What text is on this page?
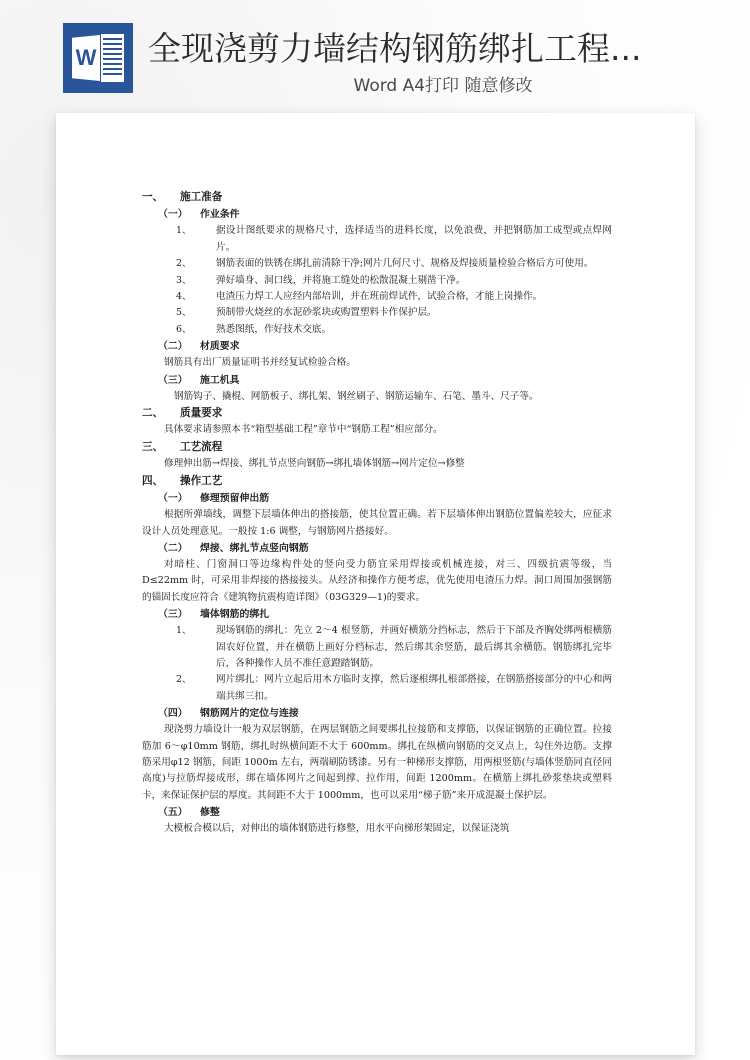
W 全现浇剪力墙结构钢筋绑扎工程...
Word A4打印 随意修改
一、 施工准备
（一） 作业条件
1、	据设计图纸要求的规格尺寸，选择适当的进料长度，以免浪费，并把钢筋加工成型或点焊网片。
2、	钢筋表面的铁锈在绑扎前清除干净;网片几何尺寸、规格及焊接质量检验合格后方可使用。
3、	弹好墙身、洞口线，并将施工缝处的松散混凝土剔凿干净。
4、	电渣压力焊工人应经内部培训，并在班前焊试件，试验合格，才能上岗操作。
5、	预制带火烧丝的水泥砂浆块或购置塑料卡作保护层。
6、	熟悉图纸，作好技术交底。
（二） 材质要求
钢筋具有出厂质量证明书并经复试检验合格。
（三） 施工机具
钢筋钩子、撬棍、网筋板子、绑扎架、钢丝刷子、钢筋运输车、石笔、墨斗、尺子等。
二、 质量要求
具体要求请参照本书“箱型基础工程”章节中“钢筋工程”相应部分。
三、 工艺流程
修理伸出筋→焊接、绑扎节点竖向钢筋→绑扎墙体钢筋→网片定位→修整
四、 操作工艺
（一） 修理预留伸出筋
根据所弹墙线，调整下层墙体伸出的搭接筋，使其位置正确。若下层墙体伸出钢筋位置偏差较大，应征求设计人员处理意见。一般按 1:6 调整，与钢筋网片搭接好。
（二） 焊接、绑扎节点竖向钢筋
对暗柱、门窗洞口等边缘构件处的竖向受力筋宜采用焊接或机械连接，对三、四级抗震等级，当 D≤22mm 时，可采用非焊接的搭接接头。从经济和操作方便考虑，优先使用电渣压力焊。洞口周围加强钢筋的锚固长度应符合《建筑物抗震构造详图》（03G329—1)的要求。
（三） 墙体钢筋的绑扎
1、	现场钢筋的绑扎：先立 2～4 根竖筋，并画好横筋分挡标志，然后于下部及齐胸处绑两根横筋固农好位置，并在横筋上画好分档标志，然后绑其余竖筋，最后绑其余横筋。钢筋绑扎完毕后，各种操作人员不准任意蹬踏钢筋。
2、	网片绑扎：网片立起后用木方临时支撑，然后逐根绑扎根部搭接，在钢筋搭接部分的中心和两端共绑三扣。
（四） 钢筋网片的定位与连接
现浇剪力墙设计一般为双层钢筋，在两层钢筋之间要绑扎拉接筋和支撑筋，以保证钢筋的正确位置。拉接筋加 6～φ10mm 钢筋，绑扎时纵横间距不大于 600mm。绑扎在纵横向钢筋的交叉点上，勾住外边筋。支撑筋采用φ12 钢筋，间距 1000m 左右，两端刷防锈漆。另有一种梯形支撑筋，用两根竖筋(与墙体竖筋同直径同高度)与拉筋焊接成形，绑在墙体网片之间起到撑、拉作用，间距 1200mm。在横筋上绑扎砂浆垫块或塑料卡，来保证保护层的厚度。其间距不大于 1000mm，也可以采用“梯子筋”来开成混凝土保护层。
（五） 修整
大模板合模以后，对伸出的墙体钢筋进行修整，用水平向梯形架固定，以保证浇筑
